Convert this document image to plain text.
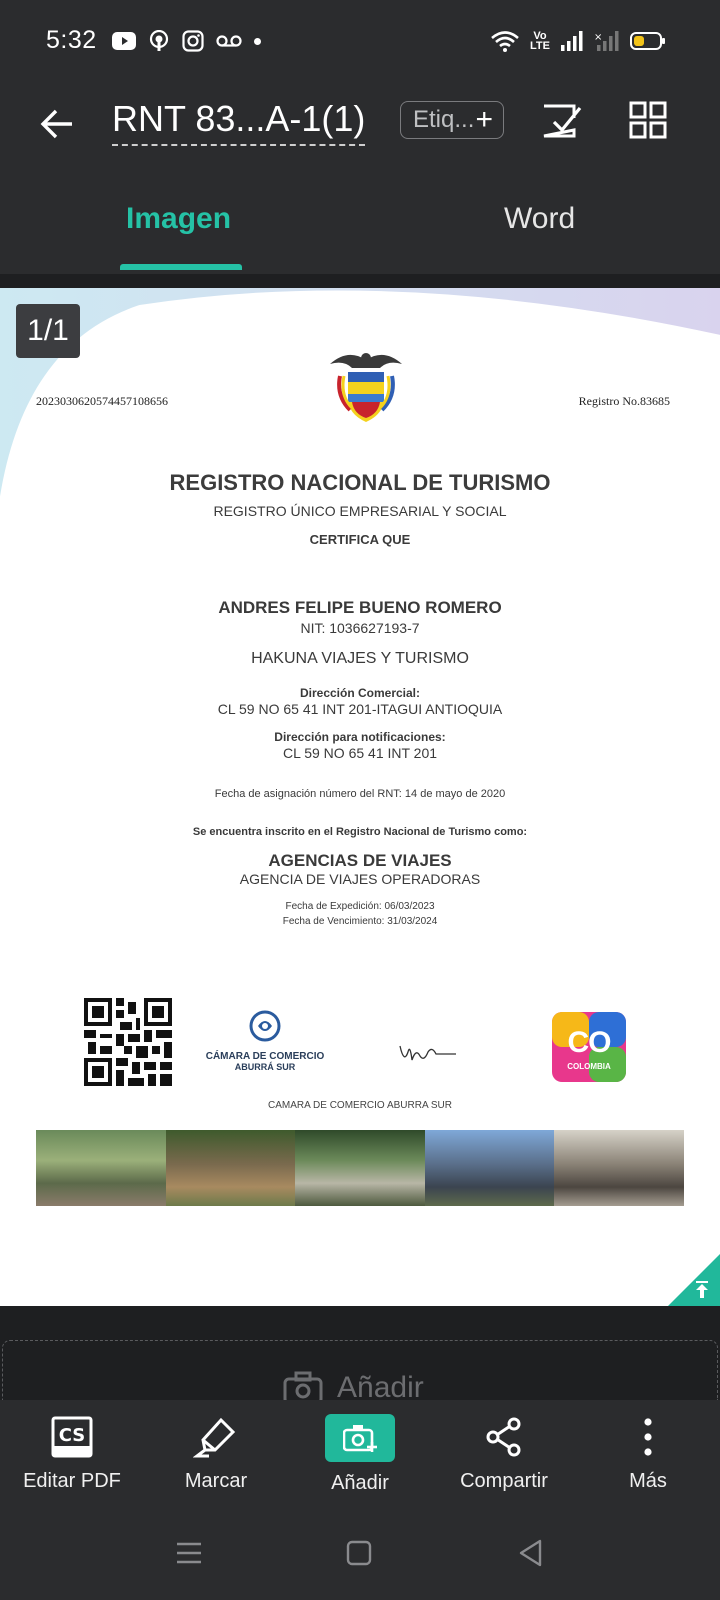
5:32	Vo
LTE
×
RNT 83...A-1(1) Etiq... +
Imagen	Word
1/1
2023030620574457108656	Registro No.83685
REGISTRO NACIONAL DE TURISMO
REGISTRO ÚNICO EMPRESARIAL Y SOCIAL
CERTIFICA QUE
ANDRES FELIPE BUENO ROMERO
NIT: 1036627193-7
HAKUNA VIAJES Y TURISMO
Dirección Comercial:
CL 59 NO 65 41 INT 201-ITAGUI ANTIOQUIA
Dirección para notificaciones:
CL 59 NO 65 41 INT 201
Fecha de asignación número del RNT: 14 de mayo de 2020
Se encuentra inscrito en el Registro Nacional de Turismo como:
AGENCIAS DE VIAJES
AGENCIA DE VIAJES OPERADORAS
Fecha de Expedición: 06/03/2023
Fecha de Vencimiento: 31/03/2024
CÁMARA DE COMERCIO
ABURRÁ SUR
CO
COLOMBIA
CAMARA DE COMERCIO ABURRA SUR
Añadir
CS
Editar PDF	Marcar	Añadir	Compartir	Más
